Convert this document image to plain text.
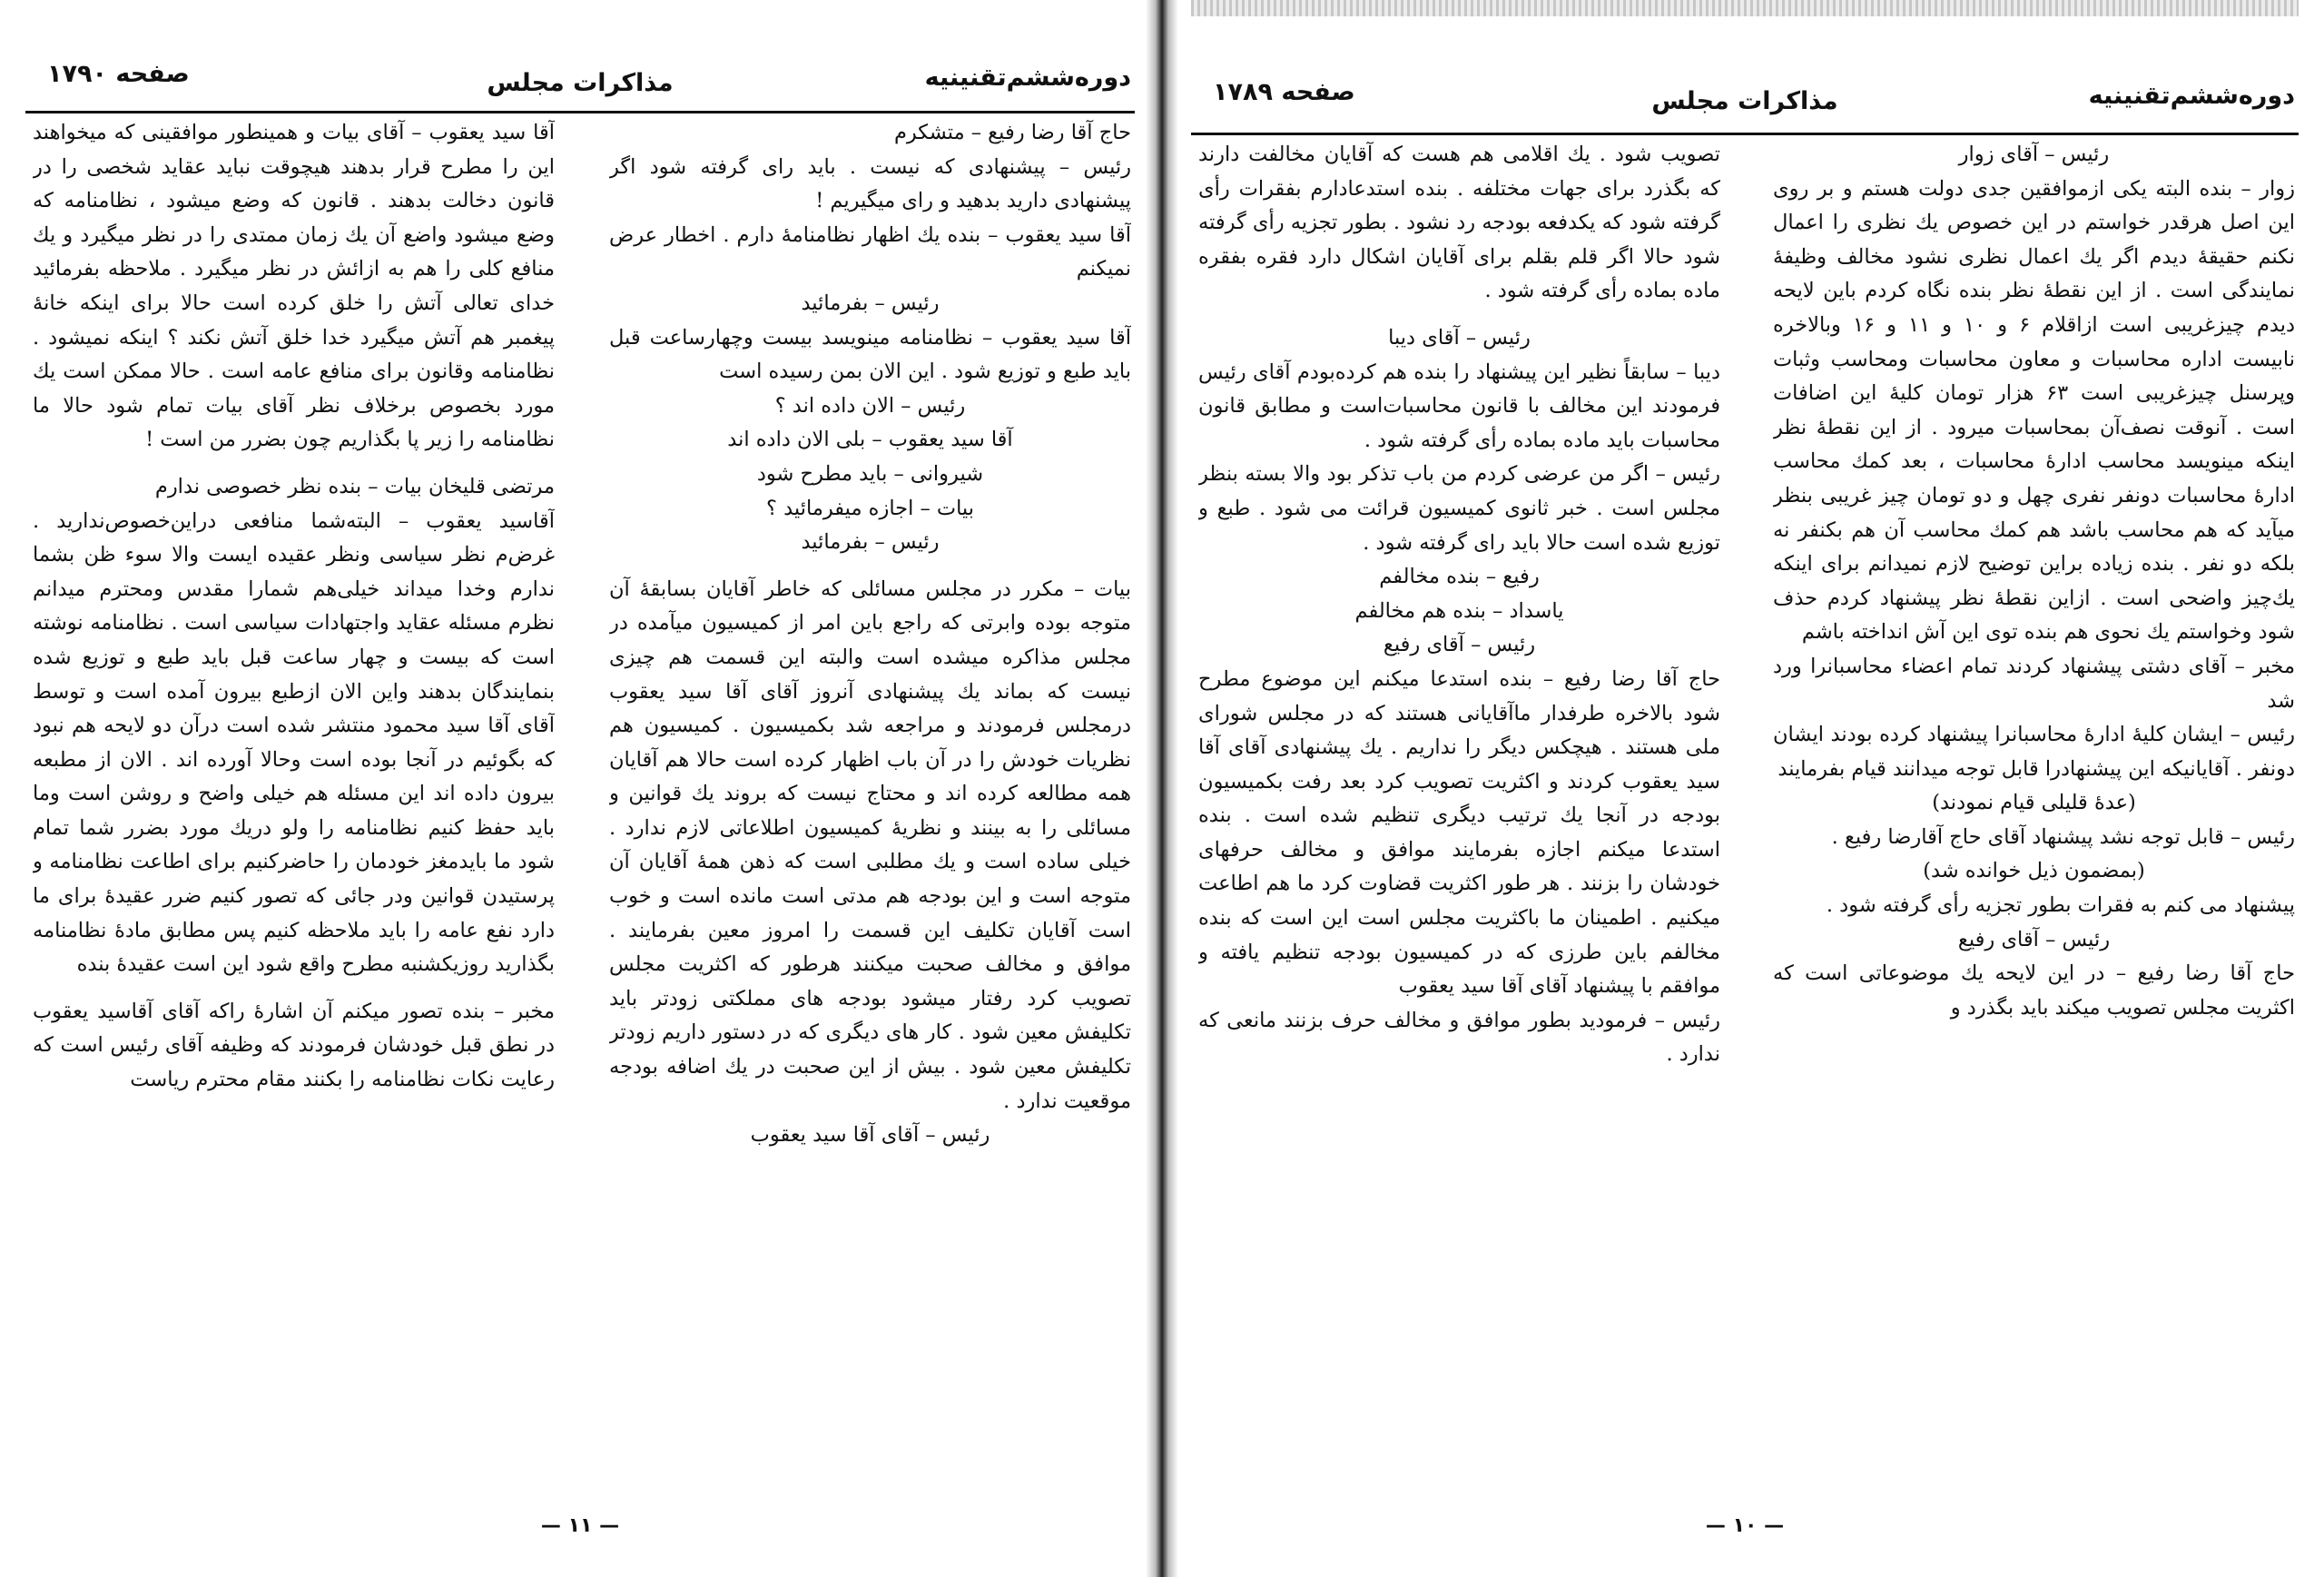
دوره‌ششم‌تقنینیه
مذاکرات مجلس
صفحه ۱۷۹۰

حاج آقا رضا رفیع – متشکرم

رئیس – پیشنهادی که نیست . باید رای گرفته شود اگر پیشنهادی دارید بدهید و رای میگیریم !

آقا سید یعقوب – بنده یك اظهار نظامنامهٔ دارم . اخطار عرض نمیکنم

رئیس – بفرمائید

آقا سید یعقوب – نظامنامه مینویسد بیست وچهارساعت قبل باید طبع و توزیع شود . این الان بمن رسیده است

رئیس – الان داده اند ؟

آقا سید یعقوب – بلی الان داده اند

شیروانی – باید مطرح شود

بیات – اجازه میفرمائید ؟

رئیس – بفرمائید

بیات – مکرر در مجلس مسائلی که خاطر آقایان بسابقهٔ آن متوجه بوده وابرتی که راجع باین امر از کمیسیون میآمده در مجلس مذاکره میشده است والبته این قسمت هم چیزی نیست که بماند یك پیشنهادی آنروز آقای آقا سید یعقوب درمجلس فرمودند و مراجعه شد بکمیسیون . کمیسیون هم نظریات خودش را در آن باب اظهار کرده است حالا هم آقایان همه مطالعه کرده اند و محتاج نیست که بروند یك قوانین و مسائلی را به بینند و نظریهٔ کمیسیون اطلاعاتی لازم ندارد . خیلی ساده است و یك مطلبی است که ذهن همهٔ آقایان آن متوجه است و این بودجه هم مدتی است مانده است و خوب است آقایان تکلیف این قسمت را امروز معین بفرمایند . موافق و مخالف صحبت میکنند هرطور که اکثریت مجلس تصویب کرد رفتار میشود بودجه های مملکتی زودتر باید تکلیفش معین شود . کار های دیگری که در دستور داریم زودتر تکلیفش معین شود . بیش از این صحبت در یك اضافه بودجه موقعیت ندارد .

رئیس – آقای آقا سید یعقوب

آقا سید یعقوب – آقای بیات و همینطور موافقینی که میخواهند این را مطرح قرار بدهند هیچوقت نباید عقاید شخصی را در قانون دخالت بدهند . قانون که وضع میشود ، نظامنامه که وضع میشود واضع آن یك زمان ممتدی را در نظر میگیرد و یك منافع کلی را هم به ازائش در نظر میگیرد . ملاحظه بفرمائید خدای تعالی آتش را خلق کرده است حالا برای اینکه خانهٔ پیغمبر هم آتش میگیرد خدا خلق آتش نکند ؟ اینکه نمیشود . نظامنامه وقانون برای منافع عامه است . حالا ممکن است یك مورد بخصوص برخلاف نظر آقای بیات تمام شود حالا ما نظامنامه را زیر پا بگذاریم چون بضرر من است !

مرتضی قلیخان بیات – بنده نظر خصوصی ندارم

آقاسید یعقوب – البته‌شما منافعی دراین‌خصوص‌ندارید . غرض‌م نظر سیاسی ونظر عقیده ایست والا سوء ظن بشما ندارم وخدا میداند خیلی‌هم شمارا مقدس ومحترم میدانم نظرم مسئله عقاید واجتهادات سیاسی است . نظامنامه نوشته است که بیست و چهار ساعت قبل باید طبع و توزیع شده بنمایندگان بدهند واین الان ازطبع بیرون آمده است و توسط آقای آقا سید محمود منتشر شده است درآن دو لایحه هم نبود که بگوئیم در آنجا بوده است وحالا آورده اند . الان از مطبعه بیرون داده اند این مسئله هم خیلی واضح و روشن است وما باید حفظ کنیم نظامنامه را ولو دریك مورد بضرر شما تمام شود ما باید‌مغز خودمان را حاضرکنیم برای اطاعت نظامنامه و پرستیدن قوانین ودر جائی که تصور کنیم ضرر عقیدهٔ برای ما دارد نفع عامه را باید ملاحظه کنیم پس مطابق مادهٔ نظامنامه بگذارید روزیکشنبه مطرح واقع شود این است عقیدهٔ بنده

مخبر – بنده تصور میکنم آن اشارهٔ راکه آقای آقاسید یعقوب در نطق قبل خودشان فرمودند که وظیفه آقای رئیس است که رعایت نکات نظامنامه را بکنند مقام محترم ریاست

— ۱۱ —
دوره‌ششم‌تقنینیه
مذاکرات مجلس
صفحه ۱۷۸۹

رئیس – آقای زوار

زوار – بنده البته یکی ازموافقین جدی دولت هستم و بر روی این اصل هرقدر خواستم در این خصوص یك نظری را اعمال نکنم حقیقهٔ دیدم اگر یك اعمال نظری نشود مخالف وظیفهٔ نمایندگی است . از این نقطهٔ نظر بنده نگاه کردم باین لایحه دیدم چیزغریبی است ازاقلام ۶ و ۱۰ و ۱۱ و ۱۶ وبالاخره نابیست اداره محاسبات و معاون محاسبات ومحاسب وثبات وپرسنل چیزغریبی است ۶۳ هزار تومان کلیهٔ این اضافات است . آنوقت نصف‌آن بمحاسبات میرود . از این نقطهٔ نظر اینکه مینویسد محاسب ادارهٔ محاسبات ، بعد کمك محاسب ادارهٔ محاسبات دونفر نفری چهل و دو تومان چیز غریبی بنظر میآید که هم محاسب باشد هم کمك محاسب آن هم بکنفر نه بلکه دو نفر . بنده زیاده براین توضیح لازم نمیدانم برای اینکه یك‌چیز واضحی است . ازاین نقطهٔ نظر پیشنهاد کردم حذف شود وخواستم یك نحوی هم بنده توی این آش انداخته باشم

مخبر – آقای دشتی پیشنهاد کردند تمام اعضاء محاسبانرا ورد شد

رئیس – ایشان کلیهٔ ادارهٔ محاسبانرا پیشنهاد کرده بودند ایشان دونفر . آقایانیکه این پیشنهادرا قابل توجه میدانند قیام بفرمایند

(عدهٔ قلیلی قیام نمودند)

رئیس – قابل توجه نشد پیشنهاد آقای حاج آقارضا رفیع .

(بمضمون ذیل خوانده شد)

پیشنهاد می کنم به فقرات بطور تجزیه رأی گرفته شود .

رئیس – آقای رفیع

حاج آقا رضا رفیع – در این لایحه یك موضوعاتی است که اکثریت مجلس تصویب میکند باید بگذرد و

تصویب شود . یك اقلامی هم هست که آقایان مخالفت دارند که بگذرد برای جهات مختلفه . بنده استدعادارم بفقرات رأی گرفته شود که یکدفعه بودجه رد نشود . بطور تجزیه رأی گرفته شود حالا اگر قلم بقلم برای آقایان اشکال دارد فقره بفقره ماده بماده رأی گرفته شود .

رئیس – آقای دیبا

دیبا – سابقاً نظیر این پیشنهاد را بنده هم کرده‌بودم آقای رئیس فرمودند این مخالف با قانون محاسبات‌است و مطابق قانون محاسبات باید ماده بماده رأی گرفته شود .

رئیس – اگر من عرضی کردم من باب تذکر بود والا بسته بنظر مجلس است . خبر ثانوی کمیسیون قرائت می شود . طبع و توزیع شده است حالا باید رای گرفته شود .

رفیع – بنده مخالفم

یاسداد – بنده هم مخالفم

رئیس – آقای رفیع

حاج آقا رضا رفیع – بنده استدعا میکنم این موضوع مطرح شود بالاخره طرفدار ماآقایانی هستند که در مجلس شورای ملی هستند . هیچکس دیگر را نداریم . یك پیشنهادی آقای آقا سید یعقوب کردند و اکثریت تصویب کرد بعد رفت بکمیسیون بودجه در آنجا یك ترتیب دیگری تنظیم شده است . بنده استدعا میکنم اجازه بفرمایند موافق و مخالف حرفهای خودشان را بزنند . هر طور اکثریت قضاوت کرد ما هم اطاعت میکنیم . اطمینان ما باکثریت مجلس است این است که بنده مخالفم باین طرزی که در کمیسیون بودجه تنظیم یافته و موافقم با پیشنهاد آقای آقا سید یعقوب

رئیس – فرمودید بطور موافق و مخالف حرف بزنند مانعی که ندارد .

— ۱۰ —
